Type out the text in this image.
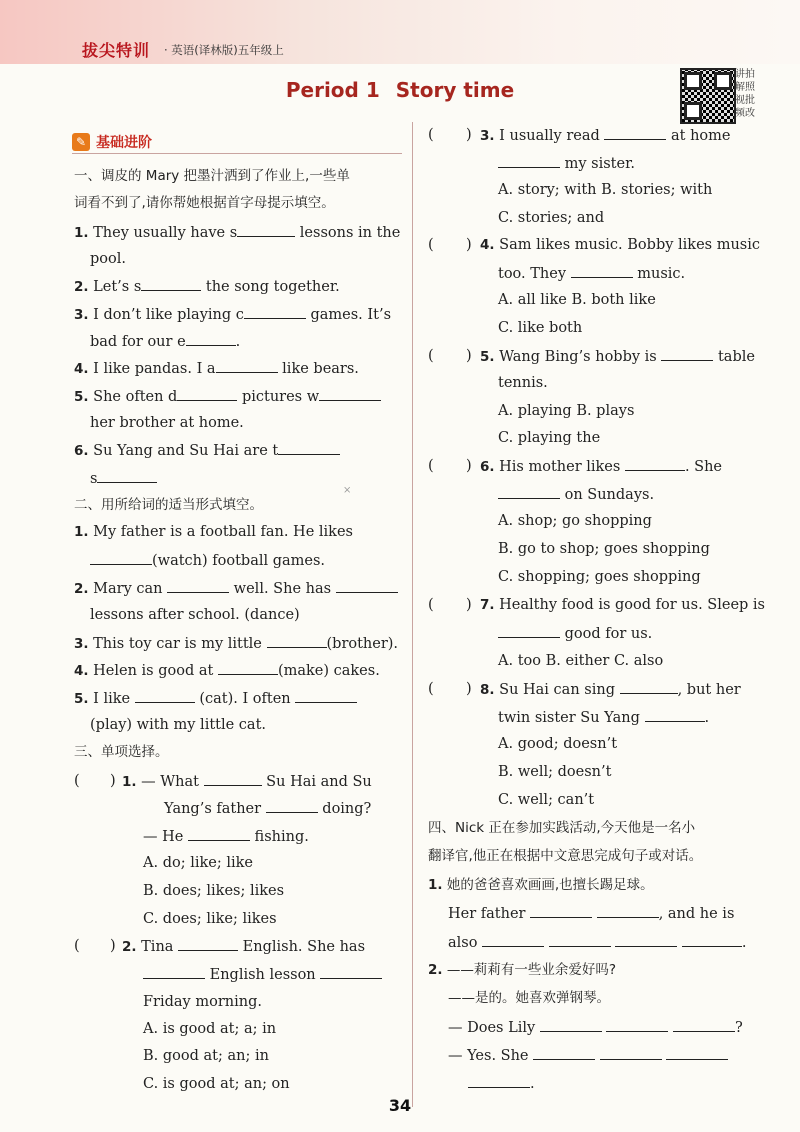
拔尖特训 · 英语(译林版)五年级上
Period 1 Story time
讲拍
解照
视批
频改
✎ 基础进阶
一、调皮的 Mary 把墨汁洒到了作业上,一些单
词看不到了,请你帮她根据首字母提示填空。
1. They usually have s	lessons in the
pool.
2. Let’s s	the song together.
3. I don’t like playing c	games. It’s
bad for our e	.
4. I like pandas. I a	like bears.
5. She often d	pictures w
her brother at home.
6. Su Yang and Su Hai are t
s
×
二、用所给词的适当形式填空。
1. My father is a football fan. He likes
(watch) football games.
2. Mary can	well. She has
lessons after school. (dance)
3. This toy car is my little	(brother).
4. Helen is good at	(make) cakes.
5. I like	(cat). I often
(play) with my little cat.
三、单项选择。
( ) 1. — What	Su Hai and Su
Yang’s father	doing?
— He	fishing.
A. do; like; like
B. does; likes; likes
C. does; like; likes
( ) 2. Tina	English. She has
English lesson
Friday morning.
A. is good at; a; in
B. good at; an; in
C. is good at; an; on
( ) 3. I usually read	at home
my sister.
A. story; with B. stories; with
C. stories; and
( ) 4. Sam likes music. Bobby likes music
too. They	music.
A. all like B. both like
C. like both
( ) 5. Wang Bing’s hobby is	table
tennis.
A. playing B. plays
C. playing the
( ) 6. His mother likes	. She
on Sundays.
A. shop; go shopping
B. go to shop; goes shopping
C. shopping; goes shopping
( ) 7. Healthy food is good for us. Sleep is
good for us.
A. too B. either C. also
( ) 8. Su Hai can sing	, but her
twin sister Su Yang	.
A. good; doesn’t
B. well; doesn’t
C. well; can’t
四、Nick 正在参加实践活动,今天他是一名小
翻译官,他正在根据中文意思完成句子或对话。
1. 她的爸爸喜欢画画,也擅长踢足球。
Her father	, and he is
also	.
2. ——莉莉有一些业余爱好吗?
——是的。她喜欢弹钢琴。
— Does Lily	?
— Yes. She
.
34
